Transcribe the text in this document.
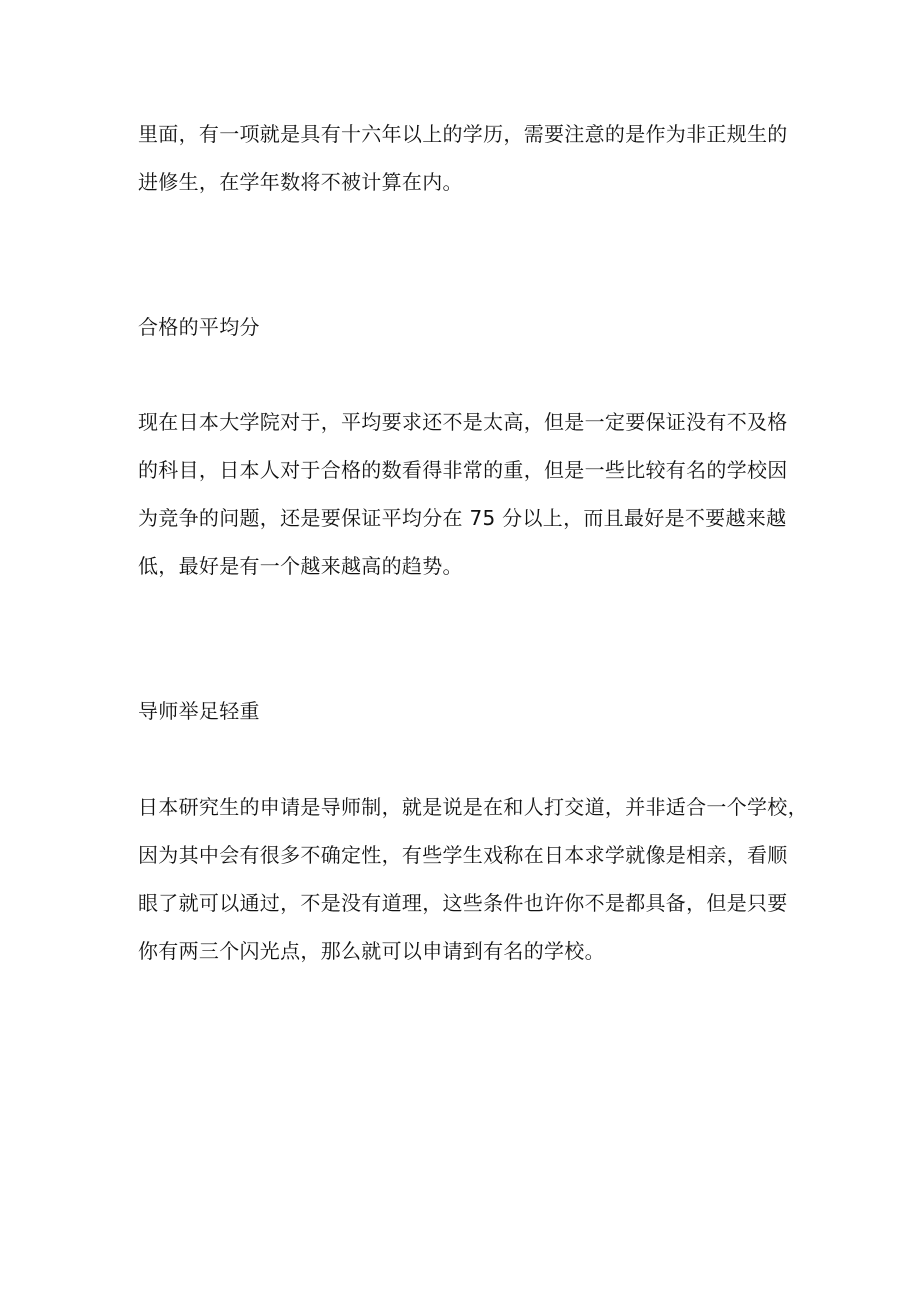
里面，有一项就是具有十六年以上的学历，需要注意的是作为非正规生的

进修生，在学年数将不被计算在内。

合格的平均分

现在日本大学院对于，平均要求还不是太高，但是一定要保证没有不及格

的科目，日本人对于合格的数看得非常的重，但是一些比较有名的学校因

为竞争的问题，还是要保证平均分在 75 分以上，而且最好是不要越来越

低，最好是有一个越来越高的趋势。

导师举足轻重

日本研究生的申请是导师制，就是说是在和人打交道，并非适合一个学校，

因为其中会有很多不确定性，有些学生戏称在日本求学就像是相亲，看顺

眼了就可以通过，不是没有道理，这些条件也许你不是都具备，但是只要

你有两三个闪光点，那么就可以申请到有名的学校。
